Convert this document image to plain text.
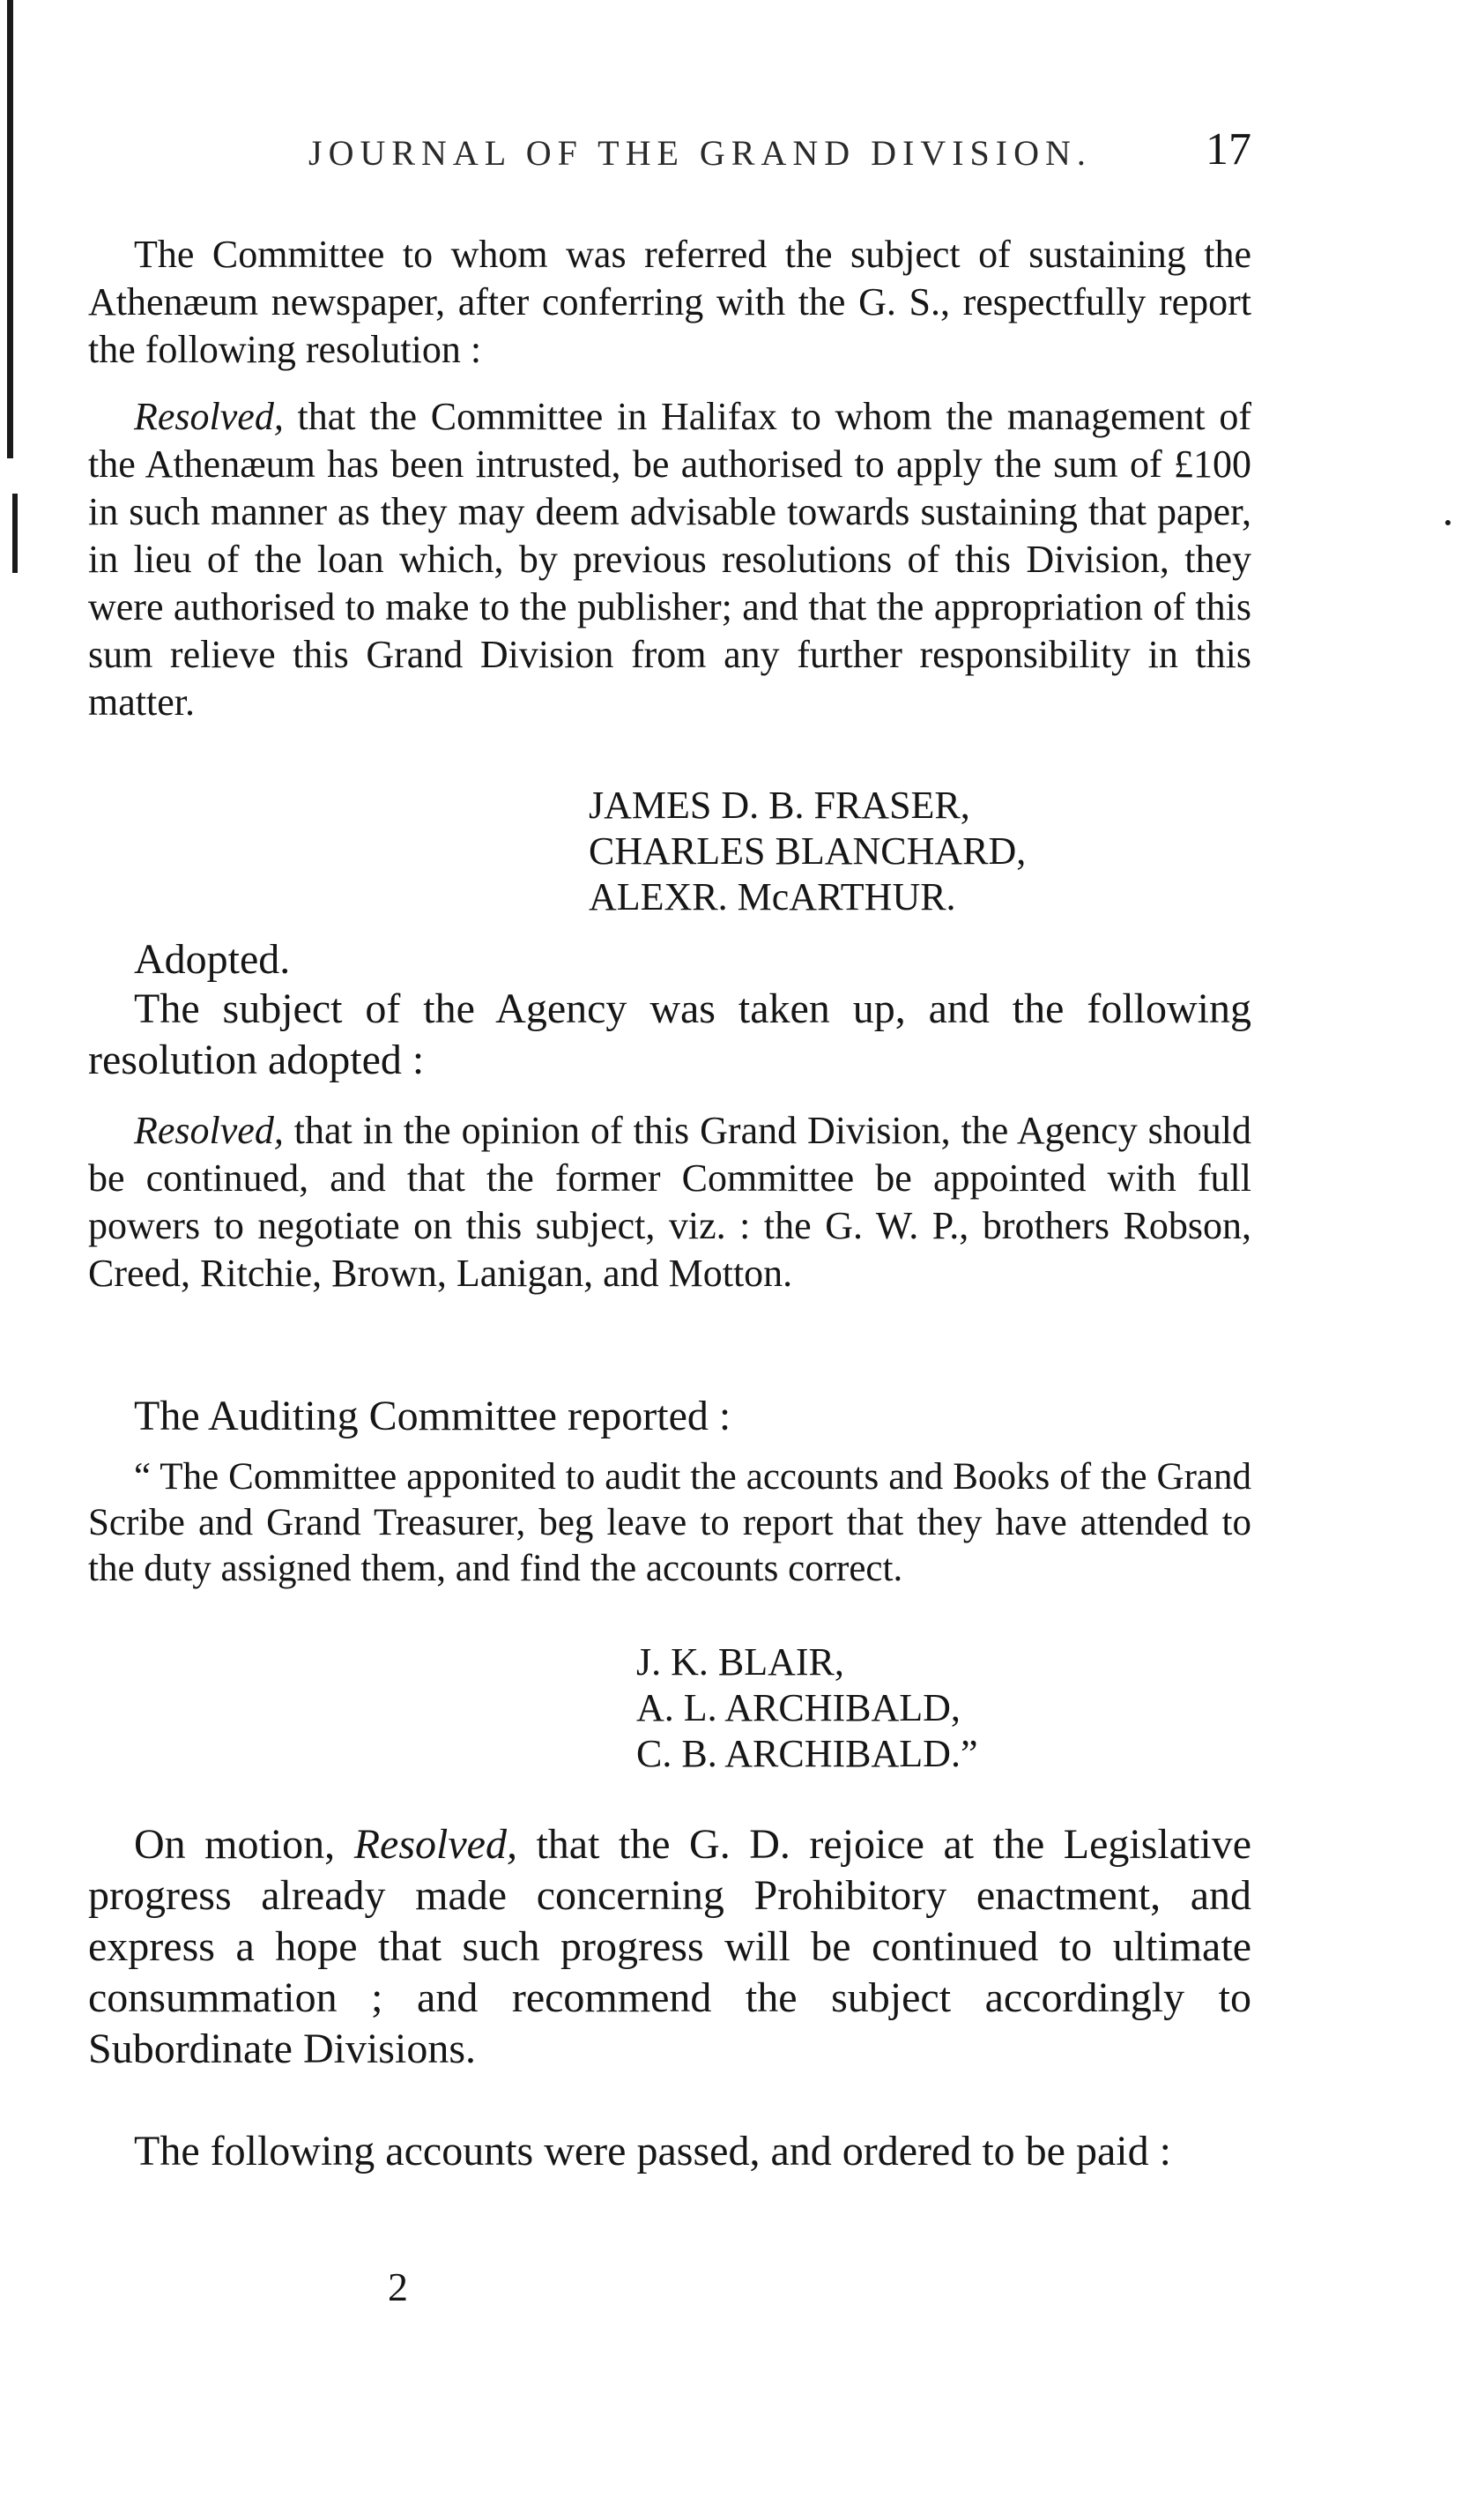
JOURNAL OF THE GRAND DIVISION. 17

The Committee to whom was referred the subject of sustaining the Athenæum newspaper, after conferring with the G. S., respectfully report the following resolution :

Resolved, that the Committee in Halifax to whom the management of the Athenæum has been intrusted, be authorised to apply the sum of £100 in such manner as they may deem advisable towards sustaining that paper, in lieu of the loan which, by previous resolutions of this Division, they were authorised to make to the publisher; and that the appropriation of this sum relieve this Grand Division from any further responsibility in this matter.

JAMES D. B. FRASER,
CHARLES BLANCHARD,
ALEXR. McARTHUR.

Adopted.

The subject of the Agency was taken up, and the following resolution adopted :

Resolved, that in the opinion of this Grand Division, the Agency should be continued, and that the former Committee be appointed with full powers to negotiate on this subject, viz. : the G. W. P., brothers Robson, Creed, Ritchie, Brown, Lanigan, and Motton.

The Auditing Committee reported :

“ The Committee apponited to audit the accounts and Books of the Grand Scribe and Grand Treasurer, beg leave to report that they have attended to the duty assigned them, and find the accounts correct.

J. K. BLAIR,
A. L. ARCHIBALD,
C. B. ARCHIBALD.”

On motion, Resolved, that the G. D. rejoice at the Legislative progress already made concerning Prohibitory enactment, and express a hope that such progress will be continued to ultimate consummation ; and recommend the subject accordingly to Subordinate Divisions.

The following accounts were passed, and ordered to be paid :

2
